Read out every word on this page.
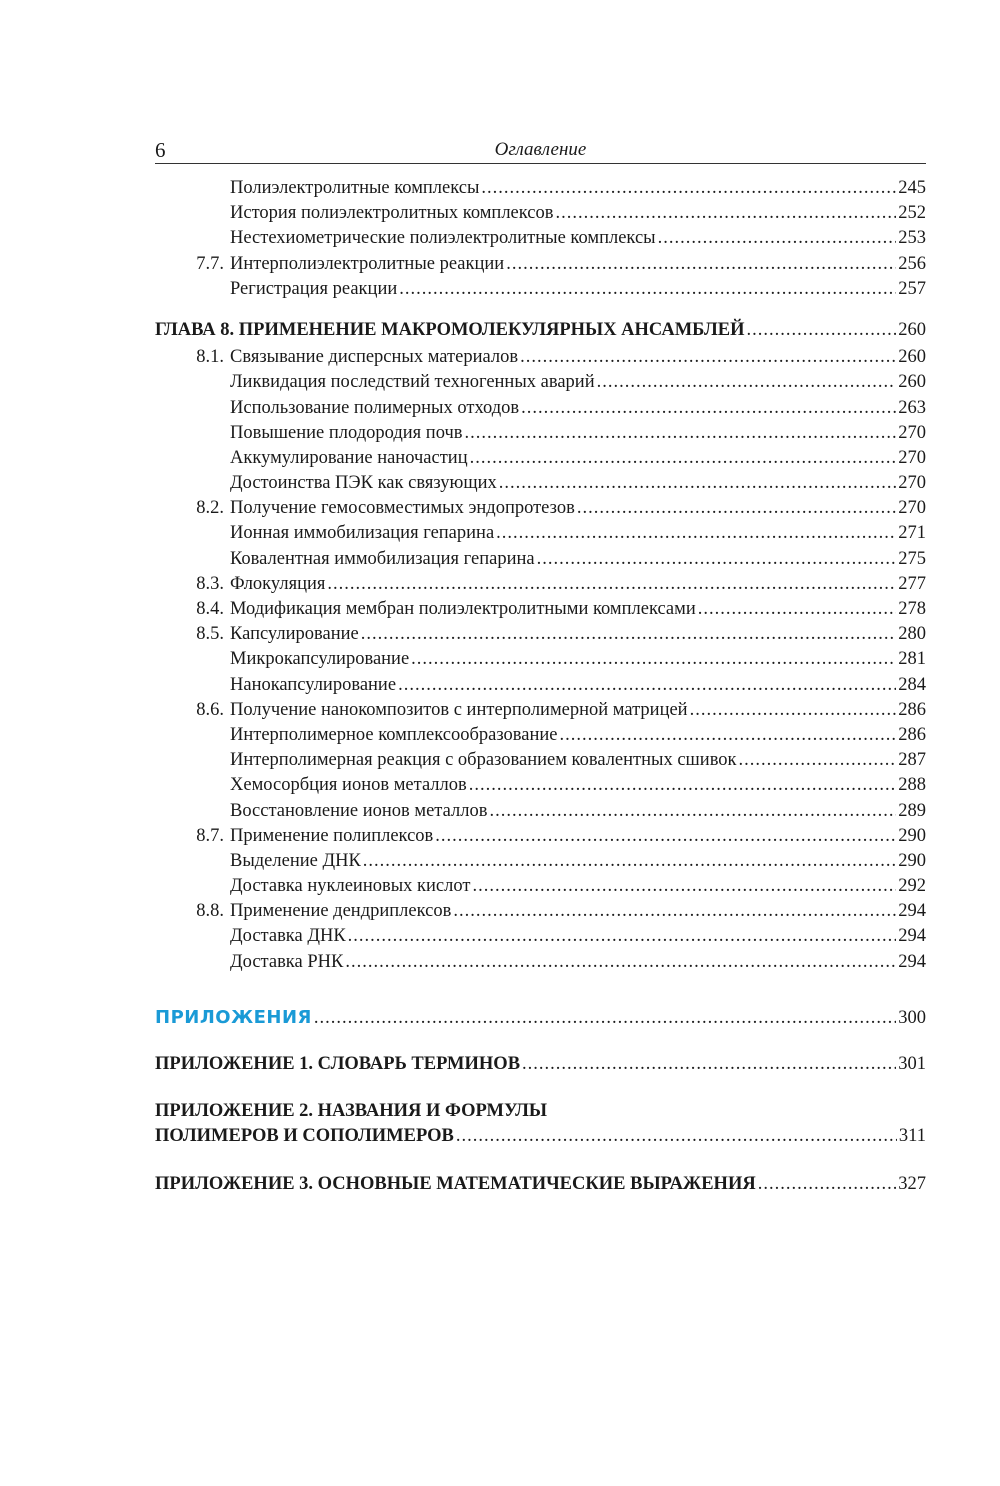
6	Оглавление
Полиэлектролитные комплексы .....	245
История полиэлектролитных комплексов .....	252
Нестехиометрические полиэлектролитные комплексы .....	253
7.7. Интерполиэлектролитные реакции .....	256
Регистрация реакции .....	257
ГЛАВА 8. ПРИМЕНЕНИЕ МАКРОМОЛЕКУЛЯРНЫХ АНСАМБЛЕЙ .....	260
8.1. Связывание дисперсных материалов .....	260
Ликвидация последствий техногенных аварий .....	260
Использование полимерных отходов .....	263
Повышение плодородия почв .....	270
Аккумулирование наночастиц .....	270
Достоинства ПЭК как связующих .....	270
8.2. Получение гемосовместимых эндопротезов .....	270
Ионная иммобилизация гепарина .....	271
Ковалентная иммобилизация гепарина .....	275
8.3. Флокуляция .....	277
8.4. Модификация мембран полиэлектролитными комплексами .....	278
8.5. Капсулирование .....	280
Микрокапсулирование .....	281
Нанокапсулирование .....	284
8.6. Получение нанокомпозитов с интерполимерной матрицей .....	286
Интерполимерное комплексообразование .....	286
Интерполимерная реакция с образованием ковалентных сшивок .....	287
Хемосорбция ионов металлов .....	288
Восстановление ионов металлов .....	289
8.7. Применение полиплексов .....	290
Выделение ДНК .....	290
Доставка нуклеиновых кислот .....	292
8.8. Применение дендриплексов .....	294
Доставка ДНК .....	294
Доставка РНК .....	294
ПРИЛОЖЕНИЯ .....	300
ПРИЛОЖЕНИЕ 1. СЛОВАРЬ ТЕРМИНОВ .....	301
ПРИЛОЖЕНИЕ 2. НАЗВАНИЯ И ФОРМУЛЫ
ПОЛИМЕРОВ И СОПОЛИМЕРОВ .....	311
ПРИЛОЖЕНИЕ 3. ОСНОВНЫЕ МАТЕМАТИЧЕСКИЕ ВЫРАЖЕНИЯ .....	327
